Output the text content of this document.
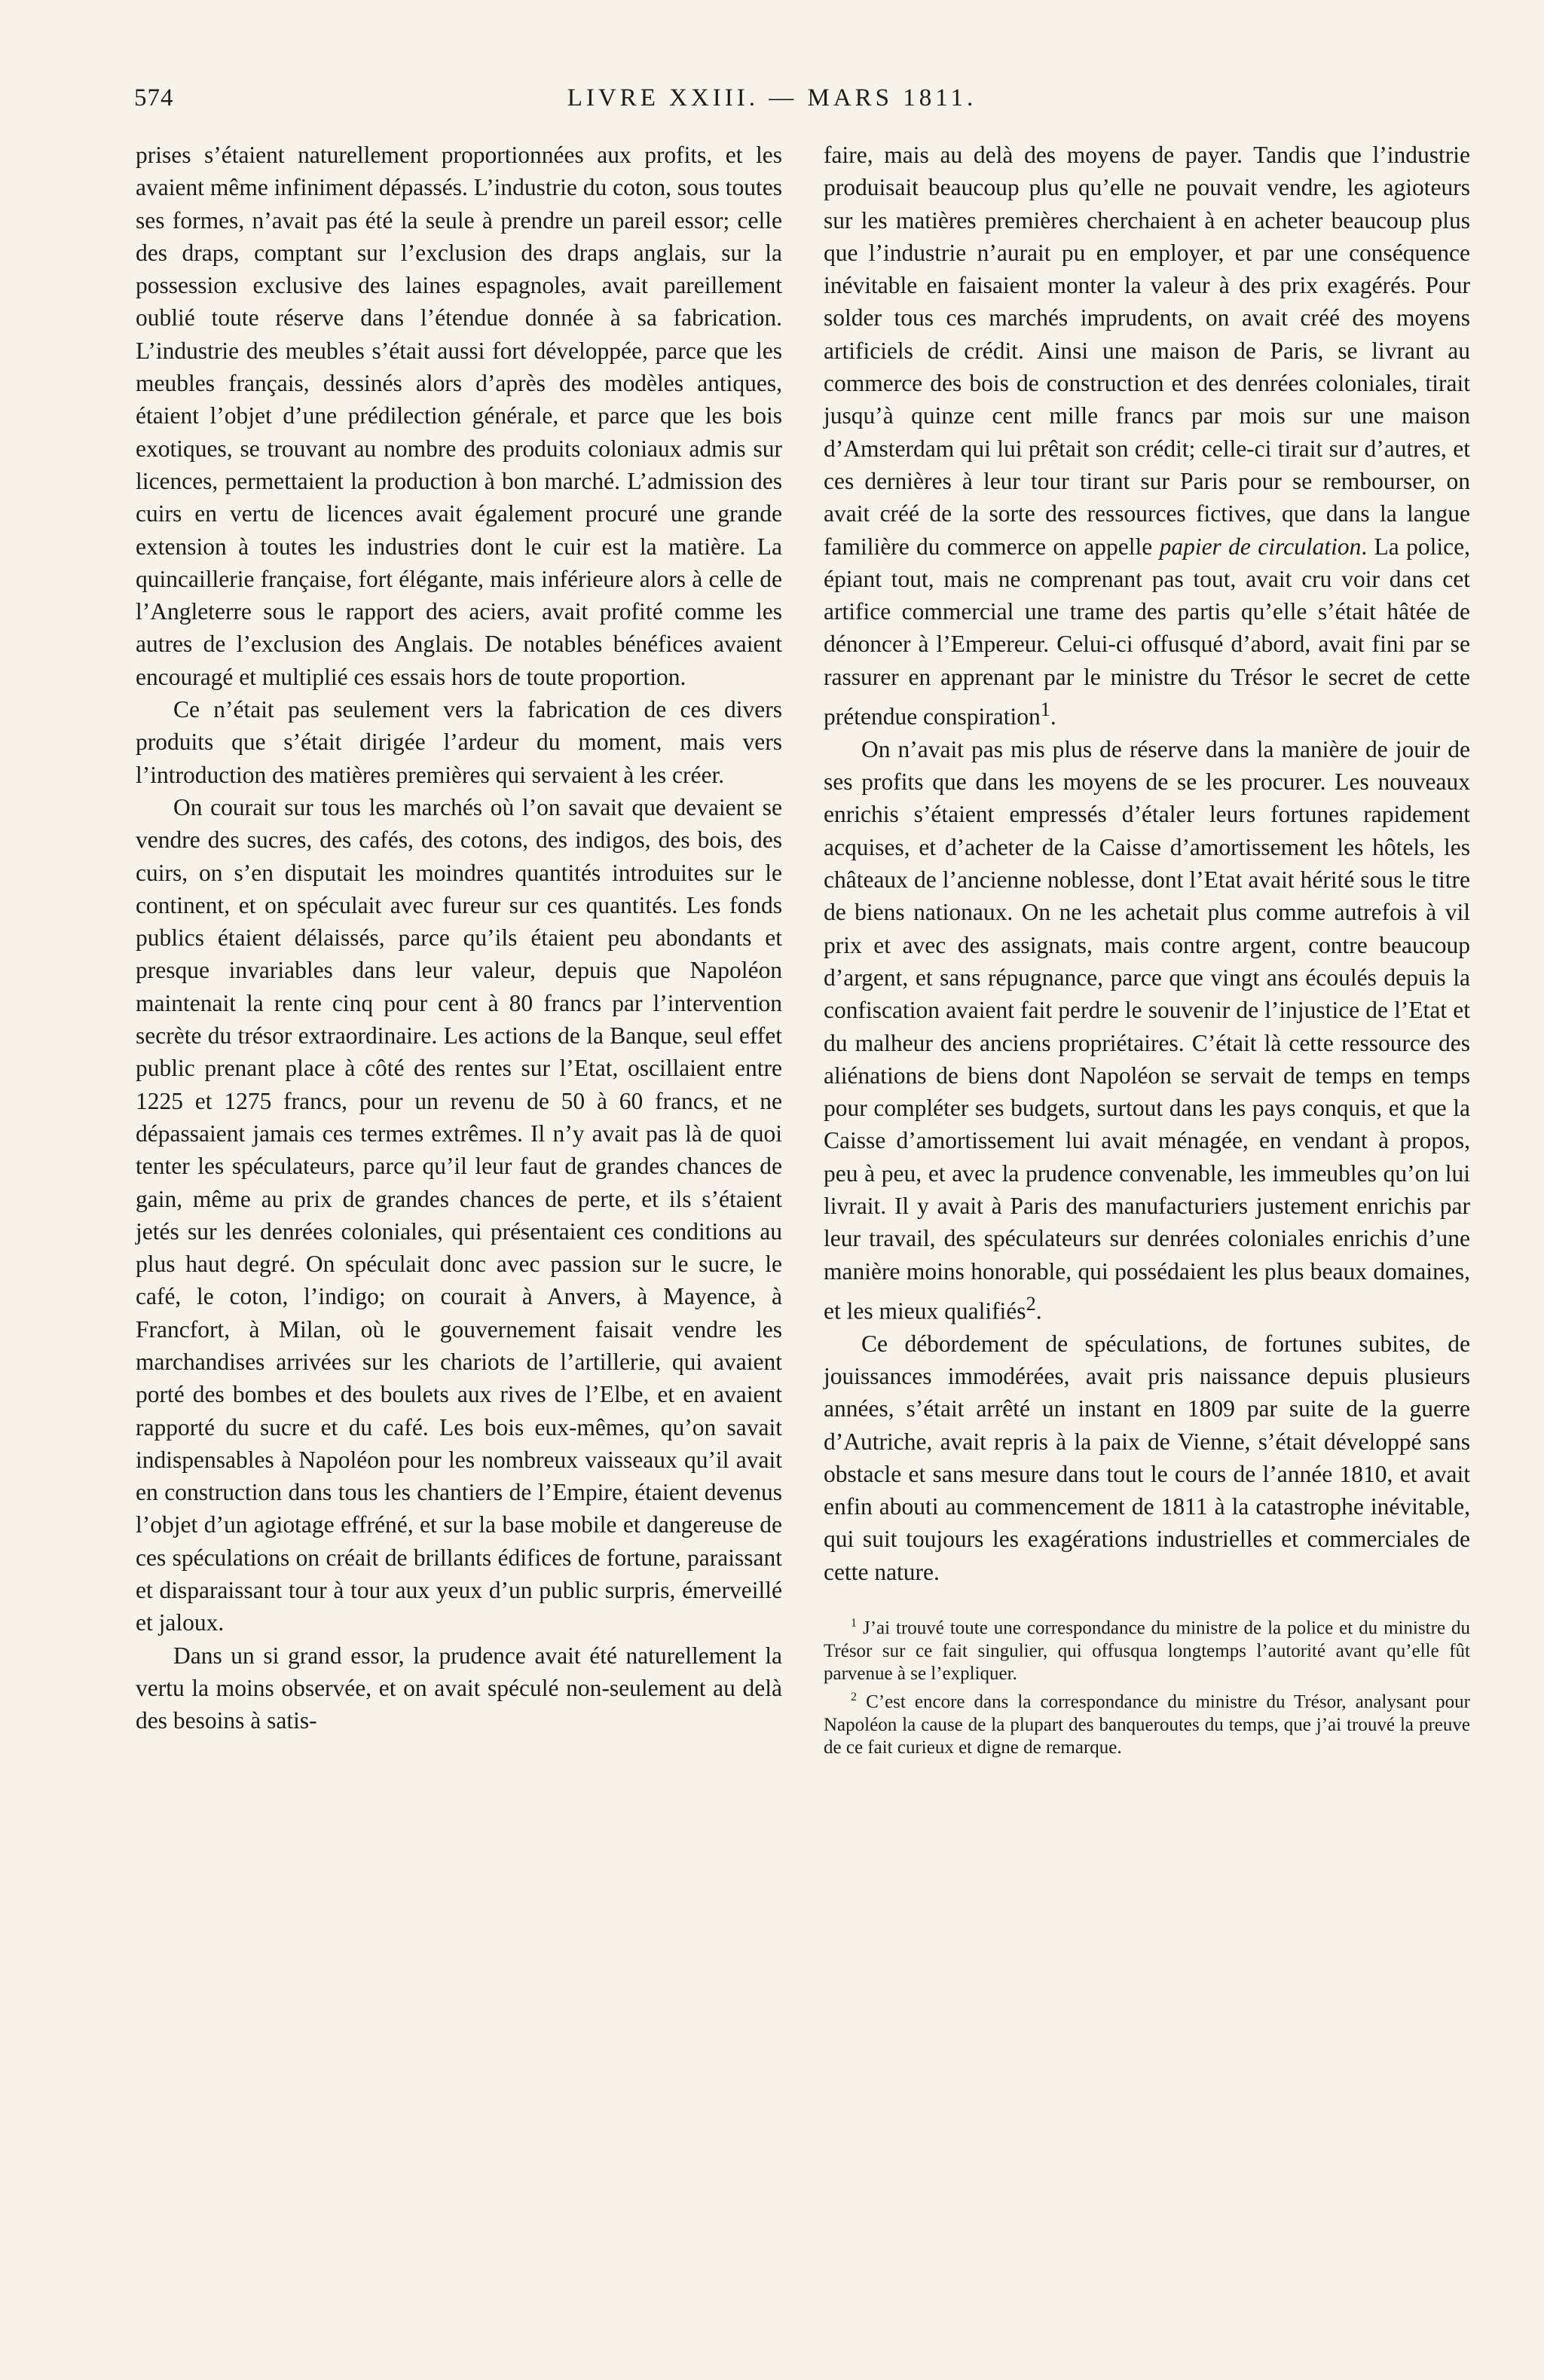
574	LIVRE XXIII. — MARS 1811.

prises s’étaient naturellement proportionnées aux profits, et les avaient même infiniment dépassés. L’industrie du coton, sous toutes ses formes, n’avait pas été la seule à prendre un pareil essor; celle des draps, comptant sur l’exclusion des draps anglais, sur la possession exclusive des laines espagnoles, avait pareillement oublié toute réserve dans l’étendue donnée à sa fabrication. L’industrie des meubles s’était aussi fort développée, parce que les meubles français, dessinés alors d’après des modèles antiques, étaient l’objet d’une prédilection générale, et parce que les bois exotiques, se trouvant au nombre des produits coloniaux admis sur licences, permettaient la production à bon marché. L’admission des cuirs en vertu de licences avait également procuré une grande extension à toutes les industries dont le cuir est la matière. La quincaillerie française, fort élégante, mais inférieure alors à celle de l’Angleterre sous le rapport des aciers, avait profité comme les autres de l’exclusion des Anglais. De notables bénéfices avaient encouragé et multiplié ces essais hors de toute proportion.

Ce n’était pas seulement vers la fabrication de ces divers produits que s’était dirigée l’ardeur du moment, mais vers l’introduction des matières premières qui servaient à les créer.

On courait sur tous les marchés où l’on savait que devaient se vendre des sucres, des cafés, des cotons, des indigos, des bois, des cuirs, on s’en disputait les moindres quantités introduites sur le continent, et on spéculait avec fureur sur ces quantités. Les fonds publics étaient délaissés, parce qu’ils étaient peu abondants et presque invariables dans leur valeur, depuis que Napoléon maintenait la rente cinq pour cent à 80 francs par l’intervention secrète du trésor extraordinaire. Les actions de la Banque, seul effet public prenant place à côté des rentes sur l’Etat, oscillaient entre 1225 et 1275 francs, pour un revenu de 50 à 60 francs, et ne dépassaient jamais ces termes extrêmes. Il n’y avait pas là de quoi tenter les spéculateurs, parce qu’il leur faut de grandes chances de gain, même au prix de grandes chances de perte, et ils s’étaient jetés sur les denrées coloniales, qui présentaient ces conditions au plus haut degré. On spéculait donc avec passion sur le sucre, le café, le coton, l’indigo; on courait à Anvers, à Mayence, à Francfort, à Milan, où le gouvernement faisait vendre les marchandises arrivées sur les chariots de l’artillerie, qui avaient porté des bombes et des boulets aux rives de l’Elbe, et en avaient rapporté du sucre et du café. Les bois eux-mêmes, qu’on savait indispensables à Napoléon pour les nombreux vaisseaux qu’il avait en construction dans tous les chantiers de l’Empire, étaient devenus l’objet d’un agiotage effréné, et sur la base mobile et dangereuse de ces spéculations on créait de brillants édifices de fortune, paraissant et disparaissant tour à tour aux yeux d’un public surpris, émerveillé et jaloux.

Dans un si grand essor, la prudence avait été naturellement la vertu la moins observée, et on avait spéculé non-seulement au delà des besoins à satis-

faire, mais au delà des moyens de payer. Tandis que l’industrie produisait beaucoup plus qu’elle ne pouvait vendre, les agioteurs sur les matières premières cherchaient à en acheter beaucoup plus que l’industrie n’aurait pu en employer, et par une conséquence inévitable en faisaient monter la valeur à des prix exagérés. Pour solder tous ces marchés imprudents, on avait créé des moyens artificiels de crédit. Ainsi une maison de Paris, se livrant au commerce des bois de construction et des denrées coloniales, tirait jusqu’à quinze cent mille francs par mois sur une maison d’Amsterdam qui lui prêtait son crédit; celle-ci tirait sur d’autres, et ces dernières à leur tour tirant sur Paris pour se rembourser, on avait créé de la sorte des ressources fictives, que dans la langue familière du commerce on appelle papier de circulation. La police, épiant tout, mais ne comprenant pas tout, avait cru voir dans cet artifice commercial une trame des partis qu’elle s’était hâtée de dénoncer à l’Empereur. Celui-ci offusqué d’abord, avait fini par se rassurer en apprenant par le ministre du Trésor le secret de cette prétendue conspiration$^1$.

On n’avait pas mis plus de réserve dans la manière de jouir de ses profits que dans les moyens de se les procurer. Les nouveaux enrichis s’étaient empressés d’étaler leurs fortunes rapidement acquises, et d’acheter de la Caisse d’amortissement les hôtels, les châteaux de l’ancienne noblesse, dont l’Etat avait hérité sous le titre de biens nationaux. On ne les achetait plus comme autrefois à vil prix et avec des assignats, mais contre argent, contre beaucoup d’argent, et sans répugnance, parce que vingt ans écoulés depuis la confiscation avaient fait perdre le souvenir de l’injustice de l’Etat et du malheur des anciens propriétaires. C’était là cette ressource des aliénations de biens dont Napoléon se servait de temps en temps pour compléter ses budgets, surtout dans les pays conquis, et que la Caisse d’amortissement lui avait ménagée, en vendant à propos, peu à peu, et avec la prudence convenable, les immeubles qu’on lui livrait. Il y avait à Paris des manufacturiers justement enrichis par leur travail, des spéculateurs sur denrées coloniales enrichis d’une manière moins honorable, qui possédaient les plus beaux domaines, et les mieux qualifiés$^2$.

Ce débordement de spéculations, de fortunes subites, de jouissances immodérées, avait pris naissance depuis plusieurs années, s’était arrêté un instant en 1809 par suite de la guerre d’Autriche, avait repris à la paix de Vienne, s’était développé sans obstacle et sans mesure dans tout le cours de l’année 1810, et avait enfin abouti au commencement de 1811 à la catastrophe inévitable, qui suit toujours les exagérations industrielles et commerciales de cette nature.

$^1$ J’ai trouvé toute une correspondance du ministre de la police et du ministre du Trésor sur ce fait singulier, qui offusqua longtemps l’autorité avant qu’elle fût parvenue à se l’expliquer.

$^2$ C’est encore dans la correspondance du ministre du Trésor, analysant pour Napoléon la cause de la plupart des banqueroutes du temps, que j’ai trouvé la preuve de ce fait curieux et digne de remarque.
